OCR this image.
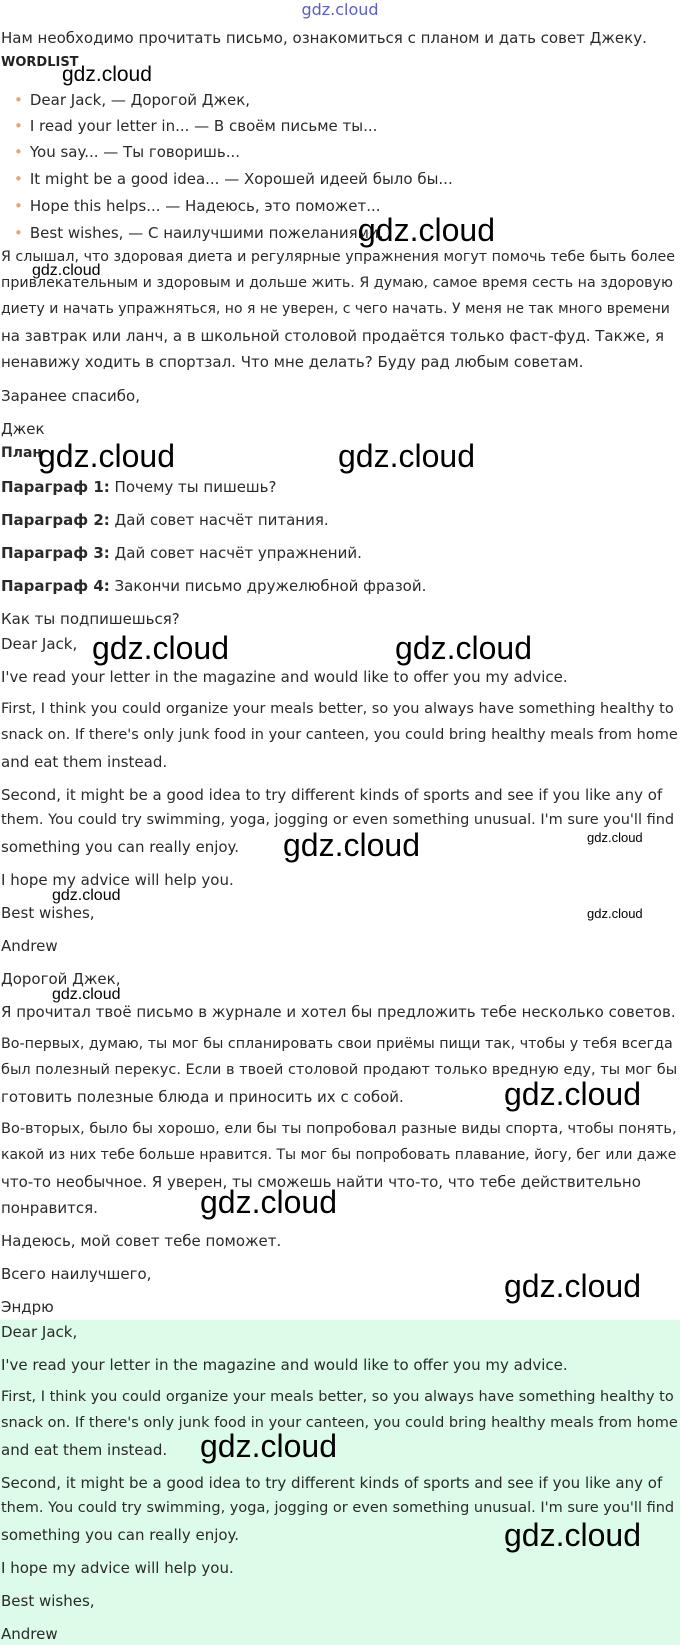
gdz.cloud

Нам необходимо прочитать письмо, ознакомиться с планом и дать совет Джеку.

WORDLIST

• Dear Jack, — Дорогой Джек,
• I read your letter in... — В своём письме ты...
• You say... — Ты говоришь...
• It might be a good idea... — Хорошей идеей было бы...
• Hope this helps... — Надеюсь, это поможет...
• Best wishes, — С наилучшими пожеланиями,

Я слышал, что здоровая диета и регулярные упражнения могут помочь тебе быть более

привлекательным и здоровым и дольше жить. Я думаю, самое время сесть на здоровую

диету и начать упражняться, но я не уверен, с чего начать. У меня не так много времени

на завтрак или ланч, а в школьной столовой продаётся только фаст-фуд. Также, я

ненавижу ходить в спортзал. Что мне делать? Буду рад любым советам.

Заранее спасибо,

Джек

План

Параграф 1: Почему ты пишешь?

Параграф 2: Дай совет насчёт питания.

Параграф 3: Дай совет насчёт упражнений.

Параграф 4: Закончи письмо дружелюбной фразой.

Как ты подпишешься?

Dear Jack,

I've read your letter in the magazine and would like to offer you my advice.

First, I think you could organize your meals better, so you always have something healthy to

snack on. If there's only junk food in your canteen, you could bring healthy meals from home

and eat them instead.

Second, it might be a good idea to try different kinds of sports and see if you like any of

them. You could try swimming, yoga, jogging or even something unusual. I'm sure you'll find

something you can really enjoy.

I hope my advice will help you.

Best wishes,

Andrew

Дорогой Джек,

Я прочитал твоё письмо в журнале и хотел бы предложить тебе несколько советов.

Во-первых, думаю, ты мог бы спланировать свои приёмы пищи так, чтобы у тебя всегда

был полезный перекус. Если в твоей столовой продают только вредную еду, ты мог бы

готовить полезные блюда и приносить их с собой.

Во-вторых, было бы хорошо, ели бы ты попробовал разные виды спорта, чтобы понять,

какой из них тебе больше нравится. Ты мог бы попробовать плавание, йогу, бег или даже

что-то необычное. Я уверен, ты сможешь найти что-то, что тебе действительно

понравится.

Надеюсь, мой совет тебе поможет.

Всего наилучшего,

Эндрю

Dear Jack,

I've read your letter in the magazine and would like to offer you my advice.

First, I think you could organize your meals better, so you always have something healthy to

snack on. If there's only junk food in your canteen, you could bring healthy meals from home

and eat them instead.

Second, it might be a good idea to try different kinds of sports and see if you like any of

them. You could try swimming, yoga, jogging or even something unusual. I'm sure you'll find

something you can really enjoy.

I hope my advice will help you.

Best wishes,

Andrew

gdz.cloud
gdz.cloud
gdz.cloud
gdz.cloud	gdz.cloud
gdz.cloud	gdz.cloud
gdz.cloud
gdz.cloud
gdz.cloud
gdz.cloud
gdz.cloud
gdz.cloud
gdz.cloud
gdz.cloud
gdz.cloud
gdz.cloud
